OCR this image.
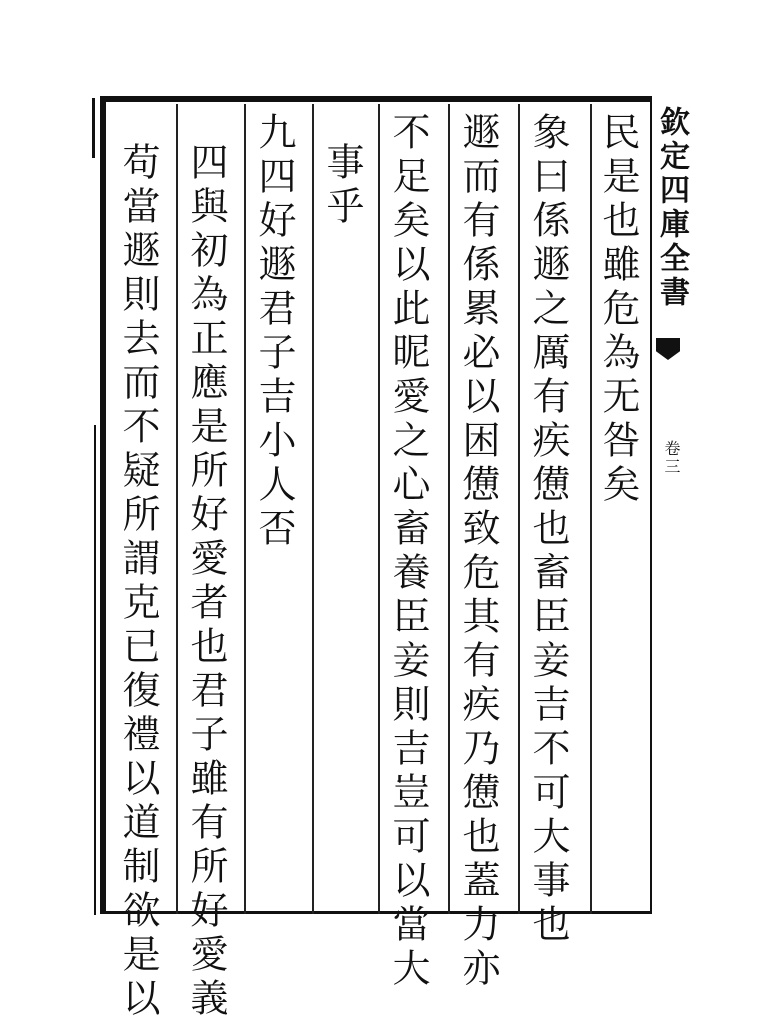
民是也雖危為无咎矣
象曰係遯之厲有疾憊也畜臣妾吉不可大事也
遯而有係累必以困憊致危其有疾乃憊也蓋力亦
不足矣以此昵愛之心畜養臣妾則吉豈可以當大
事乎
九四好遯君子吉小人否
四與初為正應是所好愛者也君子雖有所好愛義
苟當遯則去而不疑所謂克已復禮以道制欲是以	欽定四庫全書
卷三
